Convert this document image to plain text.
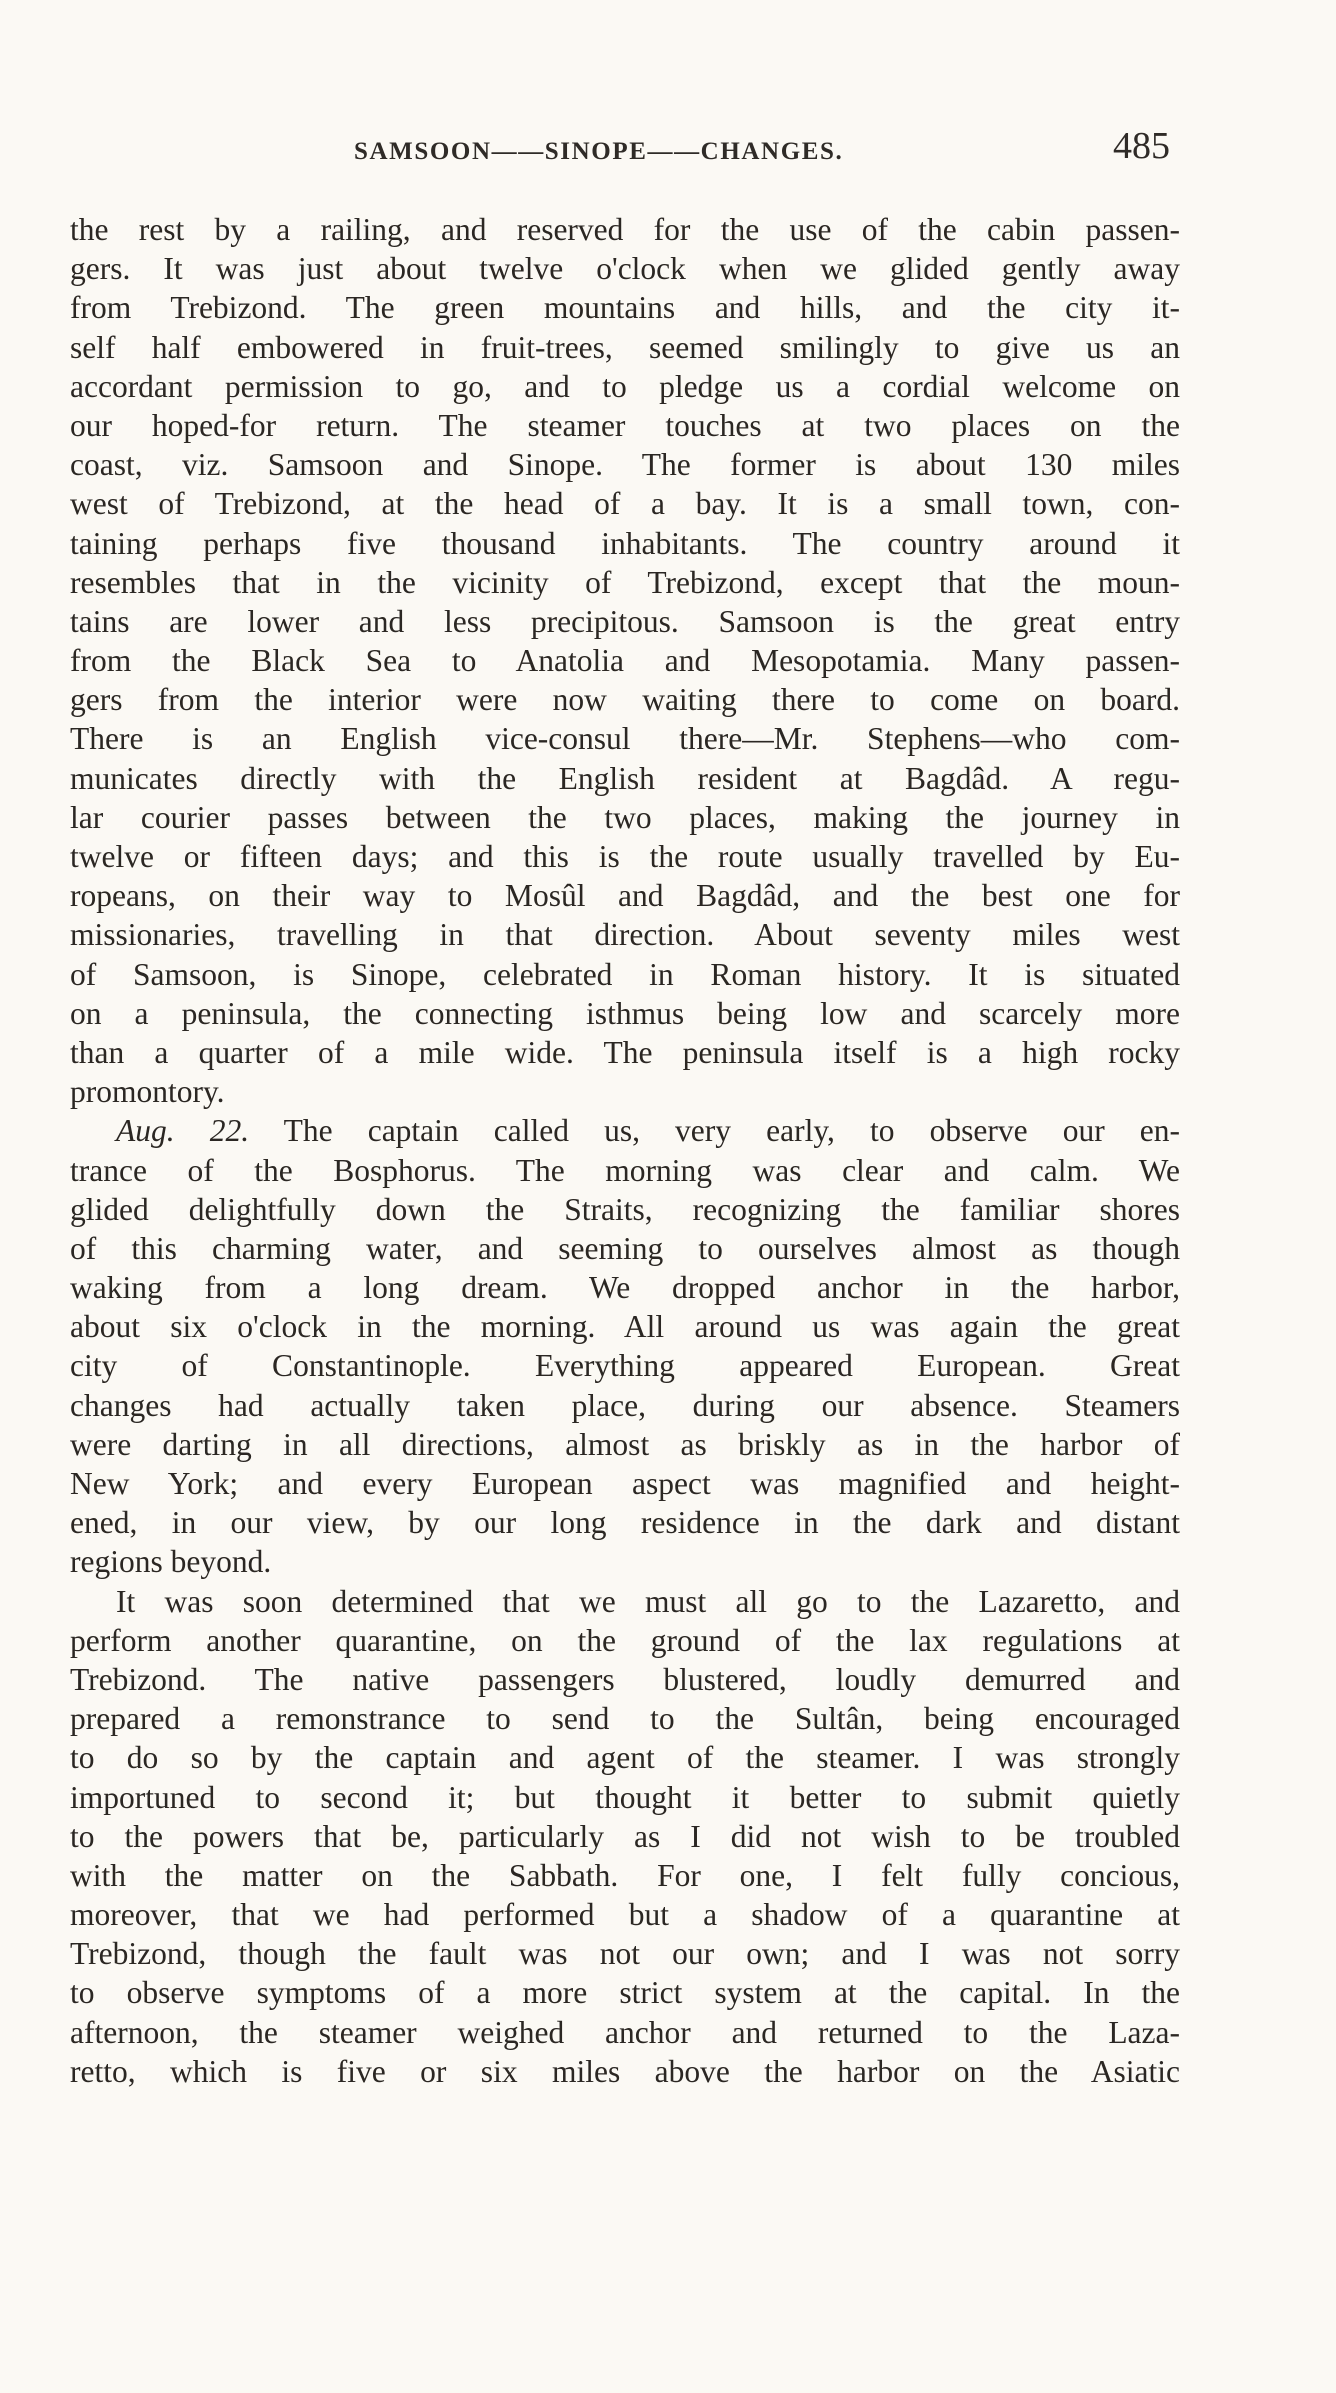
SAMSOON——SINOPE——CHANGES.	485
the rest by a railing, and reserved for the use of the cabin passen-
gers. It was just about twelve o'clock when we glided gently away
from Trebizond. The green mountains and hills, and the city it-
self half embowered in fruit-trees, seemed smilingly to give us an
accordant permission to go, and to pledge us a cordial welcome on
our hoped-for return. The steamer touches at two places on the
coast, viz. Samsoon and Sinope. The former is about 130 miles
west of Trebizond, at the head of a bay. It is a small town, con-
taining perhaps five thousand inhabitants. The country around it
resembles that in the vicinity of Trebizond, except that the moun-
tains are lower and less precipitous. Samsoon is the great entry
from the Black Sea to Anatolia and Mesopotamia. Many passen-
gers from the interior were now waiting there to come on board.
There is an English vice-consul there—Mr. Stephens—who com-
municates directly with the English resident at Bagdâd. A regu-
lar courier passes between the two places, making the journey in
twelve or fifteen days; and this is the route usually travelled by Eu-
ropeans, on their way to Mosûl and Bagdâd, and the best one for
missionaries, travelling in that direction. About seventy miles west
of Samsoon, is Sinope, celebrated in Roman history. It is situated
on a peninsula, the connecting isthmus being low and scarcely more
than a quarter of a mile wide. The peninsula itself is a high rocky
promontory.
Aug. 22. The captain called us, very early, to observe our en-
trance of the Bosphorus. The morning was clear and calm. We
glided delightfully down the Straits, recognizing the familiar shores
of this charming water, and seeming to ourselves almost as though
waking from a long dream. We dropped anchor in the harbor,
about six o'clock in the morning. All around us was again the great
city of Constantinople. Everything appeared European. Great
changes had actually taken place, during our absence. Steamers
were darting in all directions, almost as briskly as in the harbor of
New York; and every European aspect was magnified and height-
ened, in our view, by our long residence in the dark and distant
regions beyond.
It was soon determined that we must all go to the Lazaretto, and
perform another quarantine, on the ground of the lax regulations at
Trebizond. The native passengers blustered, loudly demurred and
prepared a remonstrance to send to the Sultân, being encouraged
to do so by the captain and agent of the steamer. I was strongly
importuned to second it; but thought it better to submit quietly
to the powers that be, particularly as I did not wish to be troubled
with the matter on the Sabbath. For one, I felt fully concious,
moreover, that we had performed but a shadow of a quarantine at
Trebizond, though the fault was not our own; and I was not sorry
to observe symptoms of a more strict system at the capital. In the
afternoon, the steamer weighed anchor and returned to the Laza-
retto, which is five or six miles above the harbor on the Asiatic
